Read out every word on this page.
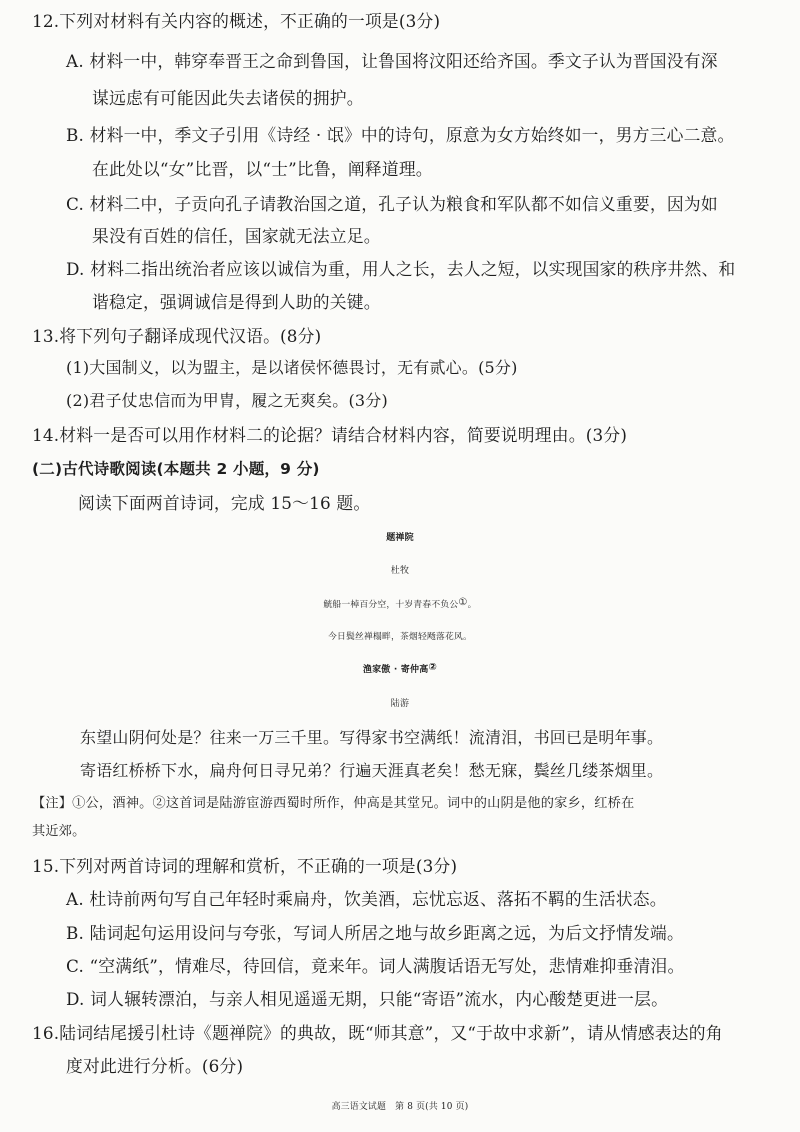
12.下列对材料有关内容的概述，不正确的一项是(3分)
A. 材料一中，韩穿奉晋王之命到鲁国，让鲁国将汶阳还给齐国。季文子认为晋国没有深
谋远虑有可能因此失去诸侯的拥护。
B. 材料一中，季文子引用《诗经 · 氓》中的诗句，原意为女方始终如一，男方三心二意。
在此处以“女”比晋，以“士”比鲁，阐释道理。
C. 材料二中，子贡向孔子请教治国之道，孔子认为粮食和军队都不如信义重要，因为如
果没有百姓的信任，国家就无法立足。
D. 材料二指出统治者应该以诚信为重，用人之长，去人之短，以实现国家的秩序井然、和
谐稳定，强调诚信是得到人助的关键。
13.将下列句子翻译成现代汉语。(8分)
(1)大国制义，以为盟主，是以诸侯怀德畏讨，无有贰心。(5分)
(2)君子仗忠信而为甲胄，履之无爽矣。(3分)
14.材料一是否可以用作材料二的论据？请结合材料内容，简要说明理由。(3分)
(二)古代诗歌阅读(本题共 2 小题，9 分)
阅读下面两首诗词，完成 15～16 题。
题禅院
杜牧
觥船一棹百分空，十岁青春不负公①。
今日鬓丝禅榻畔，茶烟轻飏落花风。
渔家傲 · 寄仲高②
陆游
东望山阴何处是？往来一万三千里。写得家书空满纸！流清泪，书回已是明年事。
寄语红桥桥下水，扁舟何日寻兄弟？行遍天涯真老矣！愁无寐，鬓丝几缕茶烟里。
【注】①公，酒神。②这首词是陆游宦游西蜀时所作，仲高是其堂兄。词中的山阴是他的家乡，红桥在
其近郊。
15.下列对两首诗词的理解和赏析，不正确的一项是(3分)
A. 杜诗前两句写自己年轻时乘扁舟，饮美酒，忘忧忘返、落拓不羁的生活状态。
B. 陆词起句运用设问与夸张，写词人所居之地与故乡距离之远，为后文抒情发端。
C. “空满纸”，情难尽，待回信，竟来年。词人满腹话语无写处，悲情难抑垂清泪。
D. 词人辗转漂泊，与亲人相见遥遥无期，只能“寄语”流水，内心酸楚更进一层。
16.陆词结尾援引杜诗《题禅院》的典故，既“师其意”，又“于故中求新”，请从情感表达的角
度对此进行分析。(6分)
高三语文试题　第 8 页(共 10 页)
